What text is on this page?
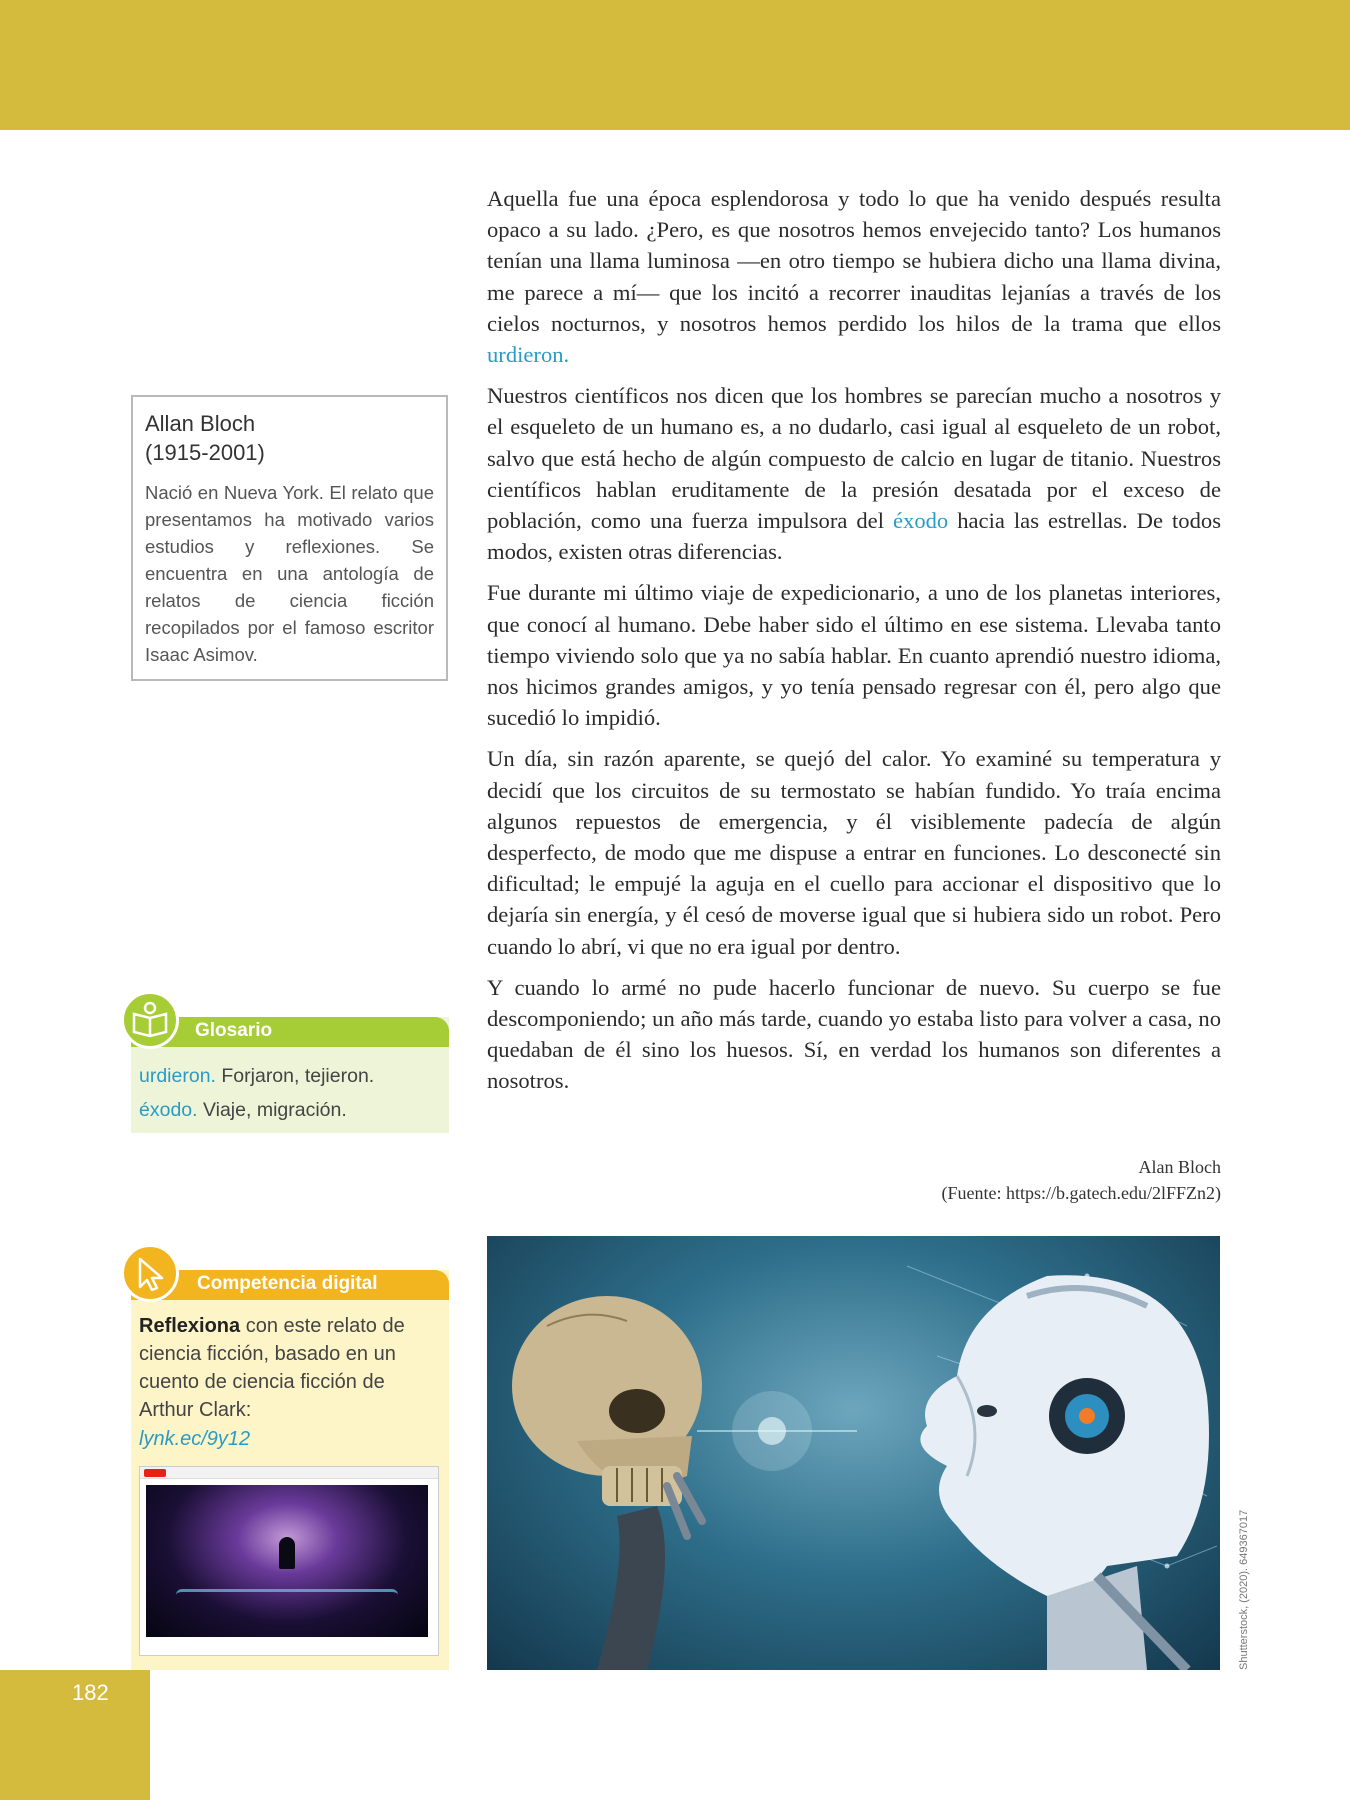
Aquella fue una época esplendorosa y todo lo que ha venido después resulta opaco a su lado. ¿Pero, es que nosotros hemos envejecido tanto? Los humanos tenían una llama luminosa —en otro tiempo se hubiera dicho una llama divina, me parece a mí— que los incitó a recorrer inauditas lejanías a través de los cielos nocturnos, y nosotros hemos perdido los hilos de la trama que ellos urdieron.

Nuestros científicos nos dicen que los hombres se parecían mucho a nosotros y el esqueleto de un humano es, a no dudarlo, casi igual al esqueleto de un robot, salvo que está hecho de algún compuesto de calcio en lugar de titanio. Nuestros científicos hablan eruditamente de la presión desatada por el exceso de población, como una fuerza impulsora del éxodo hacia las estrellas. De todos modos, existen otras diferencias.

Fue durante mi último viaje de expedicionario, a uno de los planetas interiores, que conocí al humano. Debe haber sido el último en ese sistema. Llevaba tanto tiempo viviendo solo que ya no sabía hablar. En cuanto aprendió nuestro idioma, nos hicimos grandes amigos, y yo tenía pensado regresar con él, pero algo que sucedió lo impidió.

Un día, sin razón aparente, se quejó del calor. Yo examiné su temperatura y decidí que los circuitos de su termostato se habían fundido. Yo traía encima algunos repuestos de emergencia, y él visiblemente padecía de algún desperfecto, de modo que me dispuse a entrar en funciones. Lo desconecté sin dificultad; le empujé la aguja en el cuello para accionar el dispositivo que lo dejaría sin energía, y él cesó de moverse igual que si hubiera sido un robot. Pero cuando lo abrí, vi que no era igual por dentro.

Y cuando lo armé no pude hacerlo funcionar de nuevo. Su cuerpo se fue descomponiendo; un año más tarde, cuando yo estaba listo para volver a casa, no quedaban de él sino los huesos. Sí, en verdad los humanos son diferentes a nosotros.

Alan Bloch
(Fuente: https://b.gatech.edu/2lFFZn2)
Allan Bloch
(1915-2001)
Nació en Nueva York. El relato que presentamos ha motivado varios estudios y reflexiones. Se encuentra en una antología de relatos de ciencia ficción recopilados por el famoso escritor Isaac Asimov.
Glosario
urdieron. Forjaron, tejieron.
éxodo. Viaje, migración.
Competencia digital
Reflexiona con este relato de ciencia ficción, basado en un cuento de ciencia ficción de Arthur Clark:
lynk.ec/9y12
Shutterstock, (2020). 649367017
182
